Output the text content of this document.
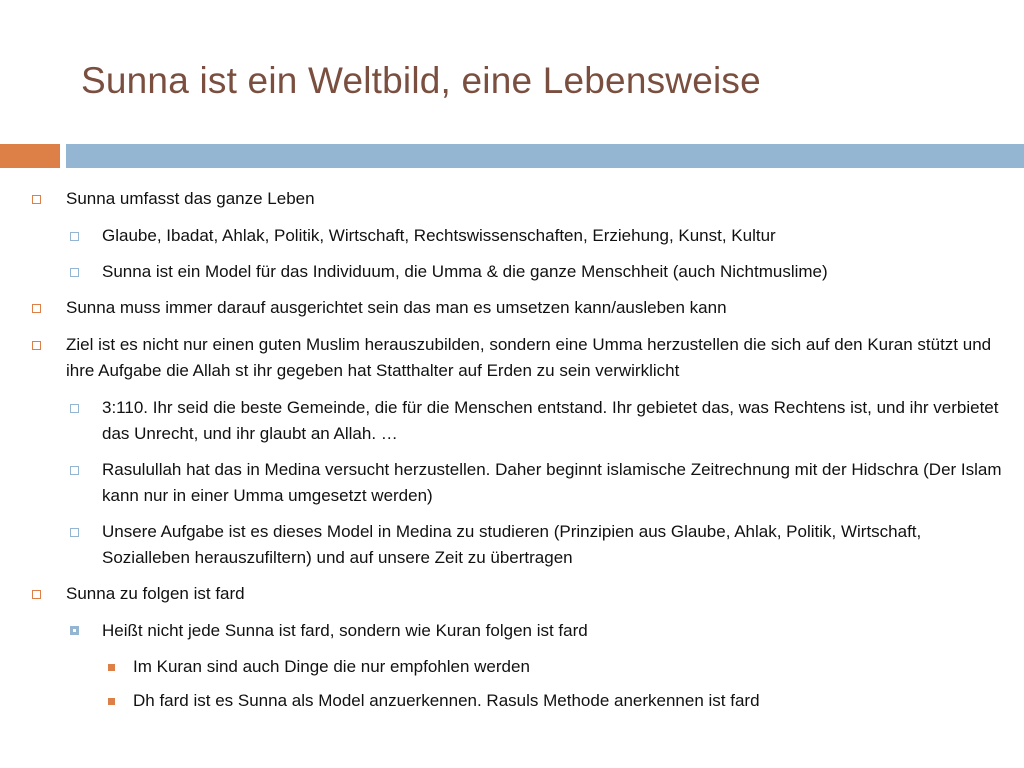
Sunna ist ein Weltbild, eine Lebensweise
Sunna umfasst das ganze Leben
Glaube, Ibadat, Ahlak, Politik, Wirtschaft, Rechtswissenschaften, Erziehung, Kunst, Kultur
Sunna ist ein Model für das Individuum, die Umma & die ganze Menschheit (auch Nichtmuslime)
Sunna muss immer darauf ausgerichtet sein das man es umsetzen kann/ausleben kann
Ziel ist es nicht nur einen guten Muslim herauszubilden, sondern eine Umma herzustellen die sich auf den Kuran stützt und ihre Aufgabe die Allah st ihr gegeben hat Statthalter auf Erden zu sein verwirklicht
3:110. Ihr seid die beste Gemeinde, die für die Menschen entstand. Ihr gebietet das, was Rechtens ist, und ihr verbietet das Unrecht, und ihr glaubt an Allah. …
Rasulullah hat das in Medina versucht herzustellen. Daher beginnt islamische Zeitrechnung mit der Hidschra (Der Islam kann nur in einer Umma umgesetzt werden)
Unsere Aufgabe ist es dieses Model in Medina zu studieren (Prinzipien aus Glaube, Ahlak, Politik, Wirtschaft, Sozialleben herauszufiltern) und auf unsere Zeit zu übertragen
Sunna zu folgen ist fard
Heißt nicht jede Sunna ist fard, sondern wie Kuran folgen ist fard
Im Kuran sind auch Dinge die nur empfohlen werden
Dh fard ist es Sunna als Model anzuerkennen. Rasuls Methode anerkennen ist fard
